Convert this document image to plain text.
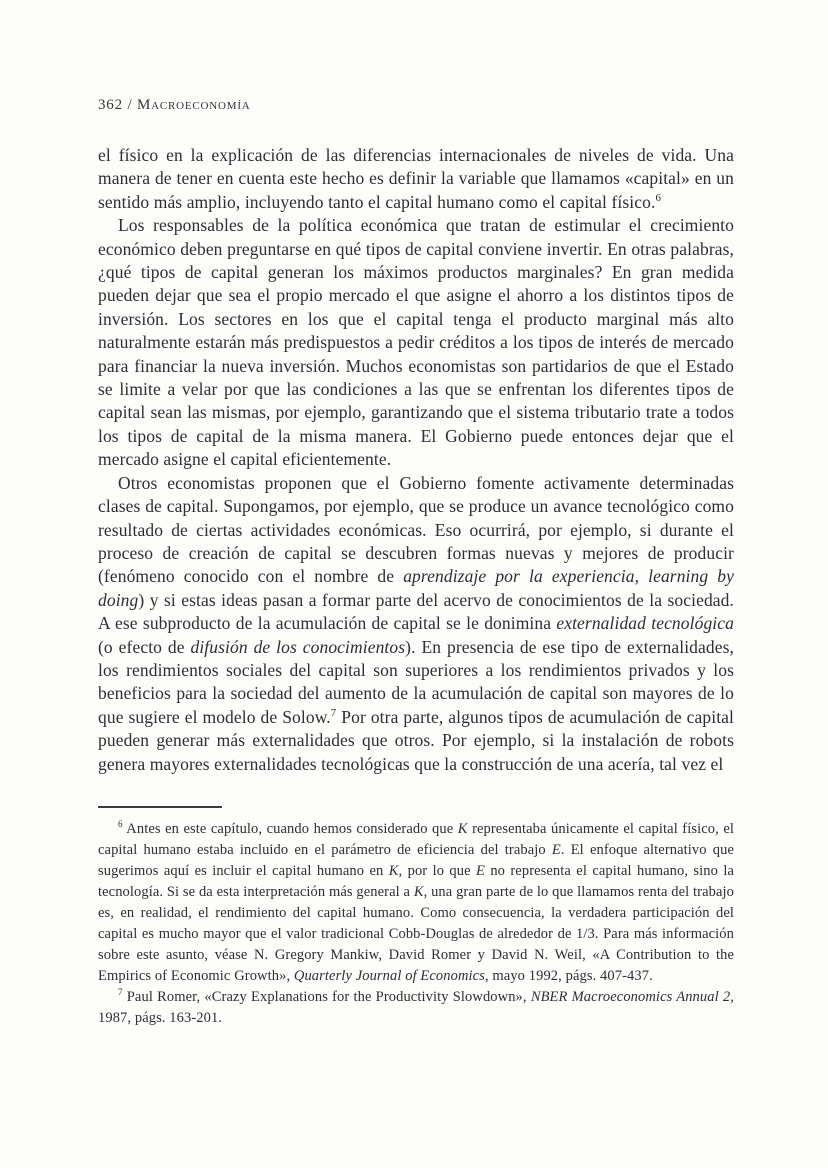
362 / Macroeconomía

el físico en la explicación de las diferencias internacionales de niveles de vida. Una manera de tener en cuenta este hecho es definir la variable que llamamos «capital» en un sentido más amplio, incluyendo tanto el capital humano como el capital físico.$^6$

Los responsables de la política económica que tratan de estimular el crecimiento económico deben preguntarse en qué tipos de capital conviene invertir. En otras palabras, ¿qué tipos de capital generan los máximos productos marginales? En gran medida pueden dejar que sea el propio mercado el que asigne el ahorro a los distintos tipos de inversión. Los sectores en los que el capital tenga el producto marginal más alto naturalmente estarán más predispuestos a pedir créditos a los tipos de interés de mercado para financiar la nueva inversión. Muchos economistas son partidarios de que el Estado se limite a velar por que las condiciones a las que se enfrentan los diferentes tipos de capital sean las mismas, por ejemplo, garantizando que el sistema tributario trate a todos los tipos de capital de la misma manera. El Gobierno puede entonces dejar que el mercado asigne el capital eficientemente.

Otros economistas proponen que el Gobierno fomente activamente determinadas clases de capital. Supongamos, por ejemplo, que se produce un avance tecnológico como resultado de ciertas actividades económicas. Eso ocurrirá, por ejemplo, si durante el proceso de creación de capital se descubren formas nuevas y mejores de producir (fenómeno conocido con el nombre de aprendizaje por la experiencia, learning by doing) y si estas ideas pasan a formar parte del acervo de conocimientos de la sociedad. A ese subproducto de la acumulación de capital se le donimina externalidad tecnológica (o efecto de difusión de los conocimientos). En presencia de ese tipo de externalidades, los rendimientos sociales del capital son superiores a los rendimientos privados y los beneficios para la sociedad del aumento de la acumulación de capital son mayores de lo que sugiere el modelo de Solow.$^7$ Por otra parte, algunos tipos de acumulación de capital pueden generar más externalidades que otros. Por ejemplo, si la instalación de robots genera mayores externalidades tecnológicas que la construcción de una acería, tal vez el

$^6$ Antes en este capítulo, cuando hemos considerado que K representaba únicamente el capital físico, el capital humano estaba incluido en el parámetro de eficiencia del trabajo E. El enfoque alternativo que sugerimos aquí es incluir el capital humano en K, por lo que E no representa el capital humano, sino la tecnología. Si se da esta interpretación más general a K, una gran parte de lo que llamamos renta del trabajo es, en realidad, el rendimiento del capital humano. Como consecuencia, la verdadera participación del capital es mucho mayor que el valor tradicional Cobb-Douglas de alrededor de 1/3. Para más información sobre este asunto, véase N. Gregory Mankiw, David Romer y David N. Weil, «A Contribution to the Empirics of Economic Growth», Quarterly Journal of Economics, mayo 1992, págs. 407-437.

$^7$ Paul Romer, «Crazy Explanations for the Productivity Slowdown», NBER Macroeconomics Annual 2, 1987, págs. 163-201.
